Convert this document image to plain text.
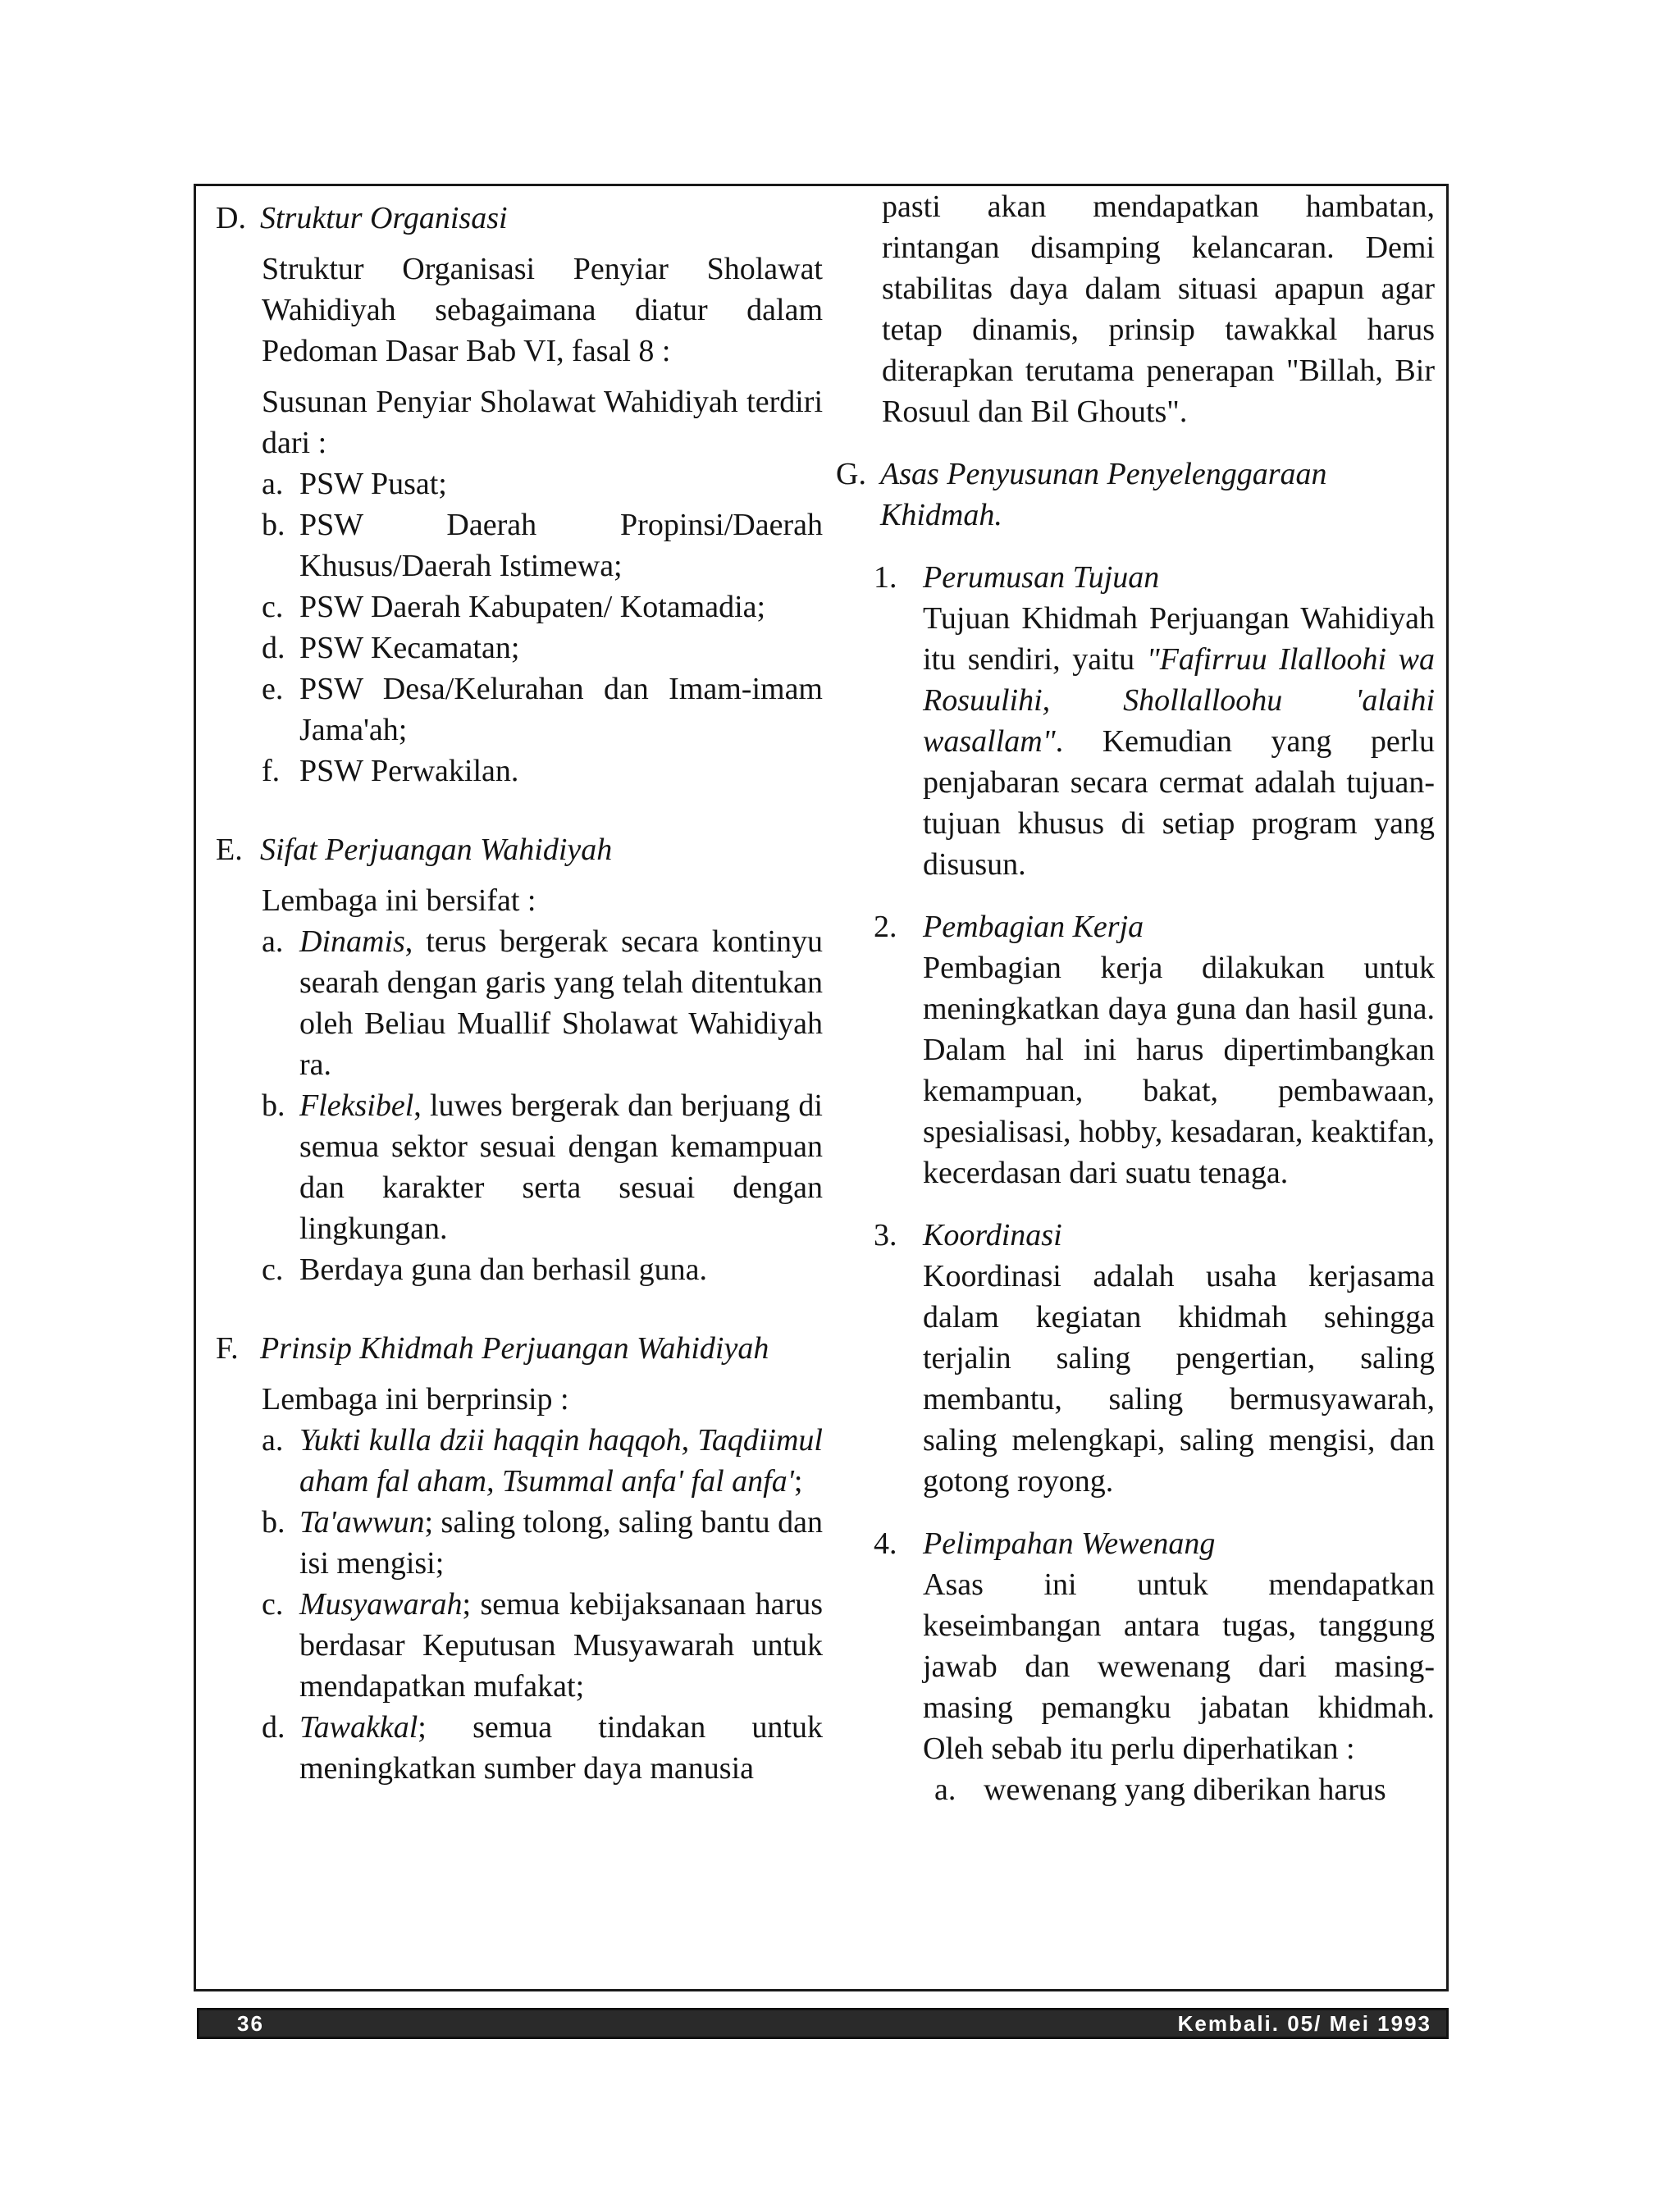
D. Struktur Organisasi

Struktur Organisasi Penyiar Sholawat Wahidiyah sebagaimana diatur dalam Pedoman Dasar Bab VI, fasal 8 :

Susunan Penyiar Sholawat Wahidiyah terdiri dari :

a. PSW Pusat;
b. PSW Daerah Propinsi/Daerah Khusus/Daerah Istimewa;
c. PSW Daerah Kabupaten/ Kotamadia;
d. PSW Kecamatan;
e. PSW Desa/Kelurahan dan Imam-imam Jama'ah;
f. PSW Perwakilan.
E. Sifat Perjuangan Wahidiyah

Lembaga ini bersifat :

a. Dinamis, terus bergerak secara kontinyu searah dengan garis yang telah ditentukan oleh Beliau Muallif Sholawat Wahidiyah ra.
b. Fleksibel, luwes bergerak dan berjuang di semua sektor sesuai dengan kemampuan dan karakter serta sesuai dengan lingkungan.
c. Berdaya guna dan berhasil guna.
F. Prinsip Khidmah Perjuangan Wahidiyah

Lembaga ini berprinsip :

a. Yukti kulla dzii haqqin haqqoh, Taqdiimul aham fal aham, Tsummal anfa' fal anfa';
b. Ta'awwun; saling tolong, saling bantu dan isi mengisi;
c. Musyawarah; semua kebijaksanaan harus berdasar Keputusan Musyawarah untuk mendapatkan mufakat;
d. Tawakkal; semua tindakan untuk meningkatkan sumber daya manusia

pasti akan mendapatkan hambatan, rintangan disamping kelancaran. Demi stabilitas daya dalam situasi apapun agar tetap dinamis, prinsip tawakkal harus diterapkan terutama penerapan "Billah, Bir Rosuul dan Bil Ghouts".

G. Asas Penyusunan Penyelenggaraan Khidmah.
1. Perumusan Tujuan
Tujuan Khidmah Perjuangan Wahidiyah itu sendiri, yaitu "Fafirruu Ilalloohi wa Rosuulihi, Shollalloohu 'alaihi wasallam". Kemudian yang perlu penjabaran secara cermat adalah tujuan-tujuan khusus di setiap program yang disusun.
2. Pembagian Kerja
Pembagian kerja dilakukan untuk meningkatkan daya guna dan hasil guna. Dalam hal ini harus dipertimbangkan kemampuan, bakat, pembawaan, spesialisasi, hobby, kesadaran, keaktifan, kecerdasan dari suatu tenaga.
3. Koordinasi
Koordinasi adalah usaha kerjasama dalam kegiatan khidmah sehingga terjalin saling pengertian, saling membantu, saling bermusyawarah, saling melengkapi, saling mengisi, dan gotong royong.
4. Pelimpahan Wewenang
Asas ini untuk mendapatkan keseimbangan antara tugas, tanggung jawab dan wewenang dari masing-masing pemangku jabatan khidmah. Oleh sebab itu perlu diperhatikan :
a. wewenang yang diberikan harus
36	Kembali. 05/ Mei 1993
